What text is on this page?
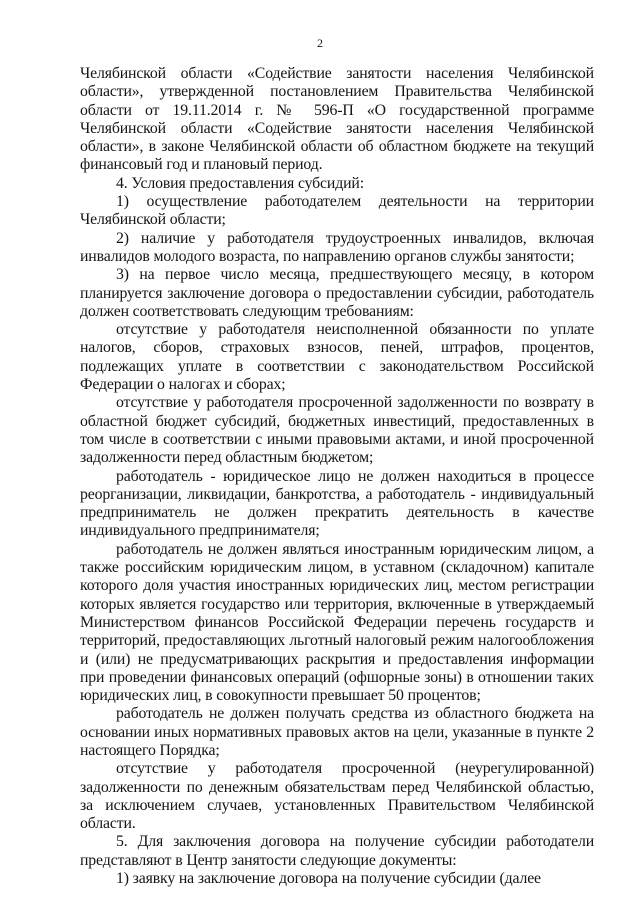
2

Челябинской области «Содействие занятости населения Челябинской области», утвержденной постановлением Правительства Челябинской области от 19.11.2014 г. № 596-П «О государственной программе Челябинской области «Содействие занятости населения Челябинской области», в законе Челябинской области об областном бюджете на текущий финансовый год и плановый период.

4. Условия предоставления субсидий:

1) осуществление работодателем деятельности на территории Челябинской области;

2) наличие у работодателя трудоустроенных инвалидов, включая инвалидов молодого возраста, по направлению органов службы занятости;

3) на первое число месяца, предшествующего месяцу, в котором планируется заключение договора о предоставлении субсидии, работодатель должен соответствовать следующим требованиям:

отсутствие у работодателя неисполненной обязанности по уплате налогов, сборов, страховых взносов, пеней, штрафов, процентов, подлежащих уплате в соответствии с законодательством Российской Федерации о налогах и сборах;

отсутствие у работодателя просроченной задолженности по возврату в областной бюджет субсидий, бюджетных инвестиций, предоставленных в том числе в соответствии с иными правовыми актами, и иной просроченной задолженности перед областным бюджетом;

работодатель - юридическое лицо не должен находиться в процессе реорганизации, ликвидации, банкротства, а работодатель - индивидуальный предприниматель не должен прекратить деятельность в качестве индивидуального предпринимателя;

работодатель не должен являться иностранным юридическим лицом, а также российским юридическим лицом, в уставном (складочном) капитале которого доля участия иностранных юридических лиц, местом регистрации которых является государство или территория, включенные в утверждаемый Министерством финансов Российской Федерации перечень государств и территорий, предоставляющих льготный налоговый режим налогообложения и (или) не предусматривающих раскрытия и предоставления информации при проведении финансовых операций (офшорные зоны) в отношении таких юридических лиц, в совокупности превышает 50 процентов;

работодатель не должен получать средства из областного бюджета на основании иных нормативных правовых актов на цели, указанные в пункте 2 настоящего Порядка;

отсутствие у работодателя просроченной (неурегулированной) задолженности по денежным обязательствам перед Челябинской областью, за исключением случаев, установленных Правительством Челябинской области.

5. Для заключения договора на получение субсидии работодатели представляют в Центр занятости следующие документы:

1) заявку на заключение договора на получение субсидии (далее
